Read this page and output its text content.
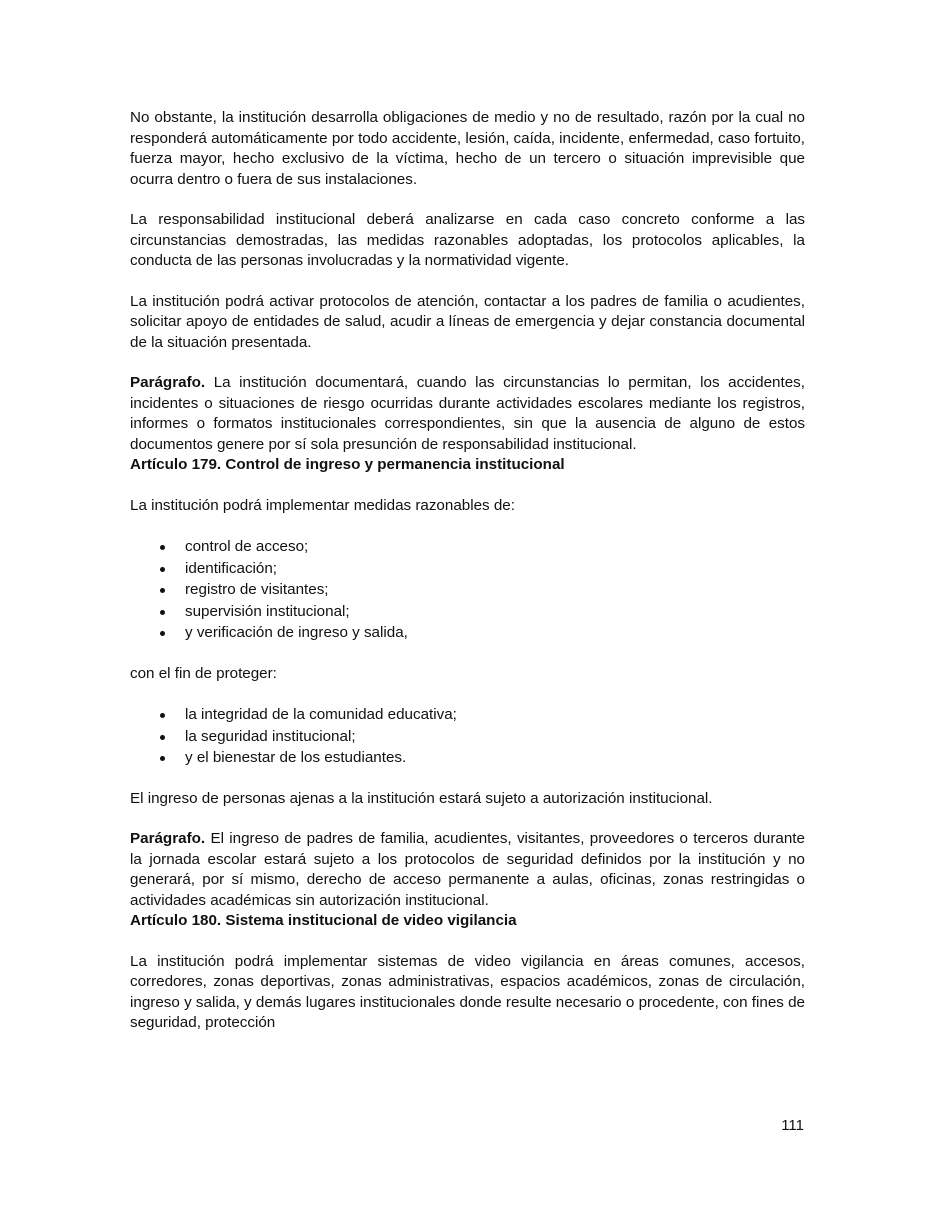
No obstante, la institución desarrolla obligaciones de medio y no de resultado, razón por la cual no responderá automáticamente por todo accidente, lesión, caída, incidente, enfermedad, caso fortuito, fuerza mayor, hecho exclusivo de la víctima, hecho de un tercero o situación imprevisible que ocurra dentro o fuera de sus instalaciones.

La responsabilidad institucional deberá analizarse en cada caso concreto conforme a las circunstancias demostradas, las medidas razonables adoptadas, los protocolos aplicables, la conducta de las personas involucradas y la normatividad vigente.

La institución podrá activar protocolos de atención, contactar a los padres de familia o acudientes, solicitar apoyo de entidades de salud, acudir a líneas de emergencia y dejar constancia documental de la situación presentada.

Parágrafo. La institución documentará, cuando las circunstancias lo permitan, los accidentes, incidentes o situaciones de riesgo ocurridas durante actividades escolares mediante los registros, informes o formatos institucionales correspondientes, sin que la ausencia de alguno de estos documentos genere por sí sola presunción de responsabilidad institucional.

Artículo 179. Control de ingreso y permanencia institucional

La institución podrá implementar medidas razonables de:

control de acceso;
identificación;
registro de visitantes;
supervisión institucional;
y verificación de ingreso y salida,

con el fin de proteger:

la integridad de la comunidad educativa;
la seguridad institucional;
y el bienestar de los estudiantes.

El ingreso de personas ajenas a la institución estará sujeto a autorización institucional.

Parágrafo. El ingreso de padres de familia, acudientes, visitantes, proveedores o terceros durante la jornada escolar estará sujeto a los protocolos de seguridad definidos por la institución y no generará, por sí mismo, derecho de acceso permanente a aulas, oficinas, zonas restringidas o actividades académicas sin autorización institucional.

Artículo 180. Sistema institucional de video vigilancia

La institución podrá implementar sistemas de video vigilancia en áreas comunes, accesos, corredores, zonas deportivas, zonas administrativas, espacios académicos, zonas de circulación, ingreso y salida, y demás lugares institucionales donde resulte necesario o procedente, con fines de seguridad, protección

111
